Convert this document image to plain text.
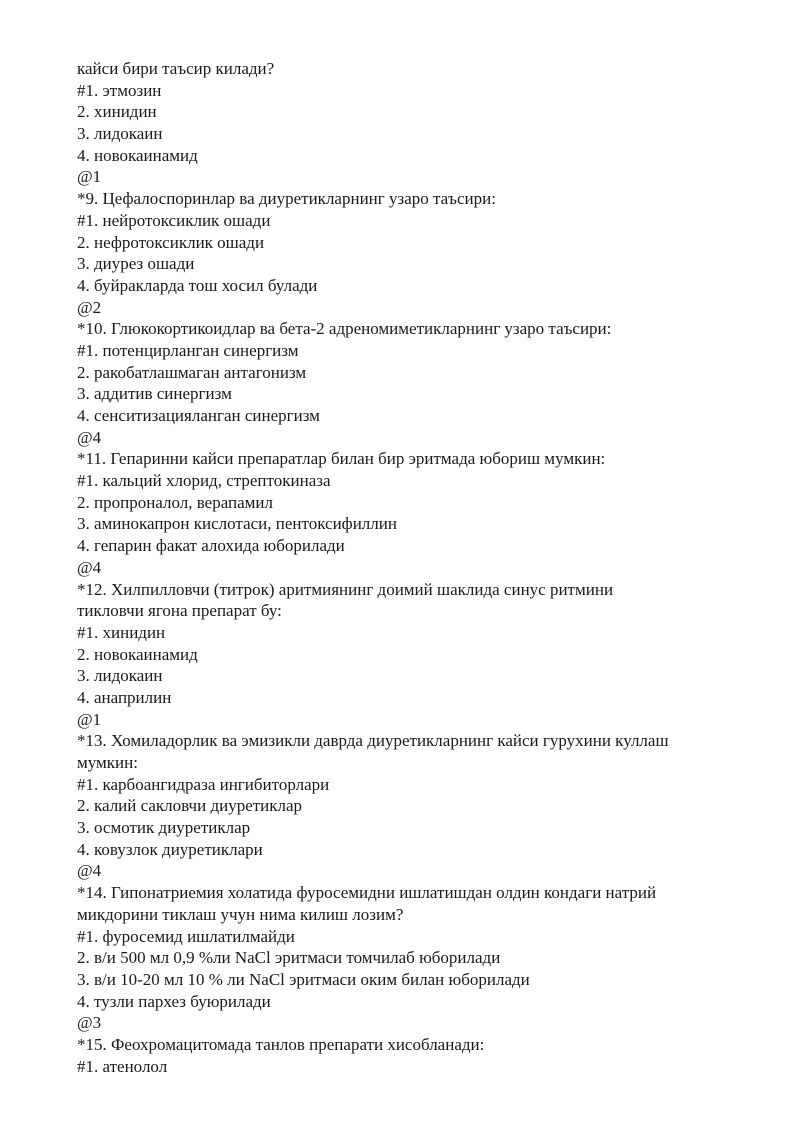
кайси бири таъсир килади?
#1. этмозин
2. хинидин
3. лидокаин
4. новокаинамид
@1
*9. Цефалоспоринлар ва диуретикларнинг узаро таъсири:
#1. нейротоксиклик ошади
2. нефротоксиклик ошади
3. диурез ошади
4. буйракларда тош хосил булади
@2
*10. Глюкокортикоидлар ва бета-2 адреномиметикларнинг узаро таъсири:
#1. потенцирланган синергизм
2. ракобатлашмаган антагонизм
3. аддитив синергизм
4. сенситизацияланган синергизм
@4
*11. Гепаринни кайси препаратлар билан бир эритмада юбориш мумкин:
#1. кальций хлорид, стрептокиназа
2. пропроналол, верапамил
3. аминокапрон кислотаси, пентоксифиллин
4. гепарин факат алохида юборилади
@4
*12. Хилпилловчи (титрок) аритмиянинг доимий шаклида синус ритмини
тикловчи ягона препарат бу:
#1. хинидин
2. новокаинамид
3. лидокаин
4. анаприлин
@1
*13. Хомиладорлик ва эмизикли даврда диуретикларнинг кайси гурухини куллаш
мумкин:
#1. карбоангидраза ингибиторлари
2. калий сакловчи диуретиклар
3. осмотик диуретиклар
4. ковузлок диуретиклари
@4
*14. Гипонатриемия холатида фуросемидни ишлатишдан олдин кондаги натрий
микдорини тиклаш учун нима килиш лозим?
#1. фуросемид ишлатилмайди
2. в/и 500 мл 0,9 %ли NaCl эритмаси томчилаб юборилади
3. в/и 10-20 мл 10 % ли NaCl эритмаси оким билан юборилади
4. тузли пархез буюрилади
@3
*15. Феохромацитомада танлов препарати хисобланади:
#1. атенолол
